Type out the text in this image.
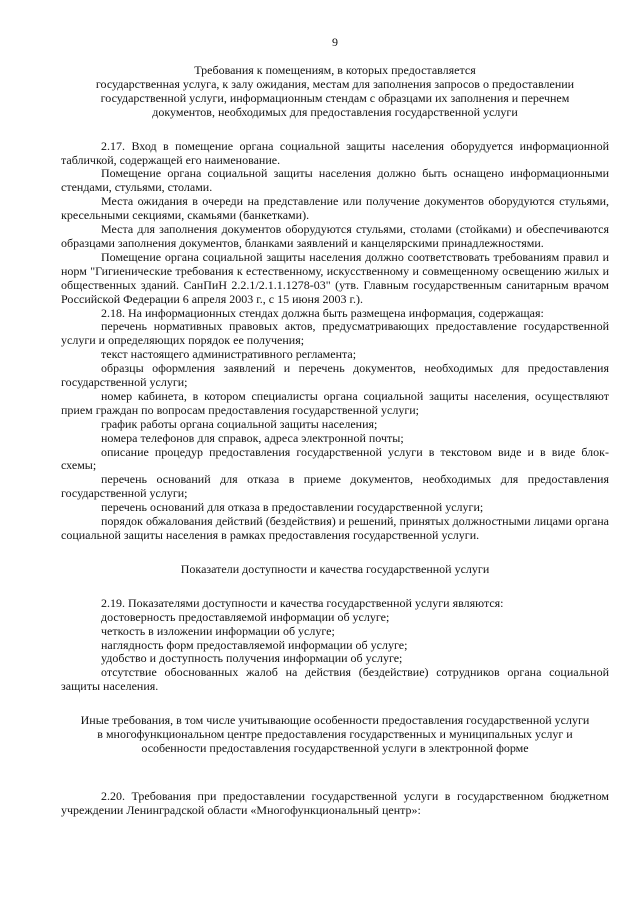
9
Требования к помещениям, в которых предоставляется
государственная услуга, к залу ожидания, местам для заполнения запросов о предоставлении
государственной услуги, информационным стендам с образцами их заполнения и перечнем
документов, необходимых для предоставления государственной услуги

2.17. Вход в помещение органа социальной защиты населения оборудуется информационной табличкой, содержащей его наименование.

Помещение органа социальной защиты населения должно быть оснащено информационными стендами, стульями, столами.

Места ожидания в очереди на представление или получение документов оборудуются стульями, кресельными секциями, скамьями (банкетками).

Места для заполнения документов оборудуются стульями, столами (стойками) и обеспечиваются образцами заполнения документов, бланками заявлений и канцелярскими принадлежностями.

Помещение органа социальной защиты населения должно соответствовать требованиям правил и норм "Гигиенические требования к естественному, искусственному и совмещенному освещению жилых и общественных зданий. СанПиН 2.2.1/2.1.1.1278-03" (утв. Главным государственным санитарным врачом Российской Федерации 6 апреля 2003 г., с 15 июня 2003 г.).

2.18. На информационных стендах должна быть размещена информация, содержащая:

перечень нормативных правовых актов, предусматривающих предоставление государственной услуги и определяющих порядок ее получения;

текст настоящего административного регламента;

образцы оформления заявлений и перечень документов, необходимых для предоставления государственной услуги;

номер кабинета, в котором специалисты органа социальной защиты населения, осуществляют прием граждан по вопросам предоставления государственной услуги;

график работы органа социальной защиты населения;

номера телефонов для справок, адреса электронной почты;

описание процедур предоставления государственной услуги в текстовом виде и в виде блок-схемы;

перечень оснований для отказа в приеме документов, необходимых для предоставления государственной услуги;

перечень оснований для отказа в предоставлении государственной услуги;

порядок обжалования действий (бездействия) и решений, принятых должностными лицами органа социальной защиты населения в рамках предоставления государственной услуги.

Показатели доступности и качества государственной услуги

2.19. Показателями доступности и качества государственной услуги являются:

достоверность предоставляемой информации об услуге;

четкость в изложении информации об услуге;

наглядность форм предоставляемой информации об услуге;

удобство и доступность получения информации об услуге;

отсутствие обоснованных жалоб на действия (бездействие) сотрудников органа социальной защиты населения.

Иные требования, в том числе учитывающие особенности предоставления государственной услуги
в многофункциональном центре предоставления государственных и муниципальных услуг и
особенности предоставления государственной услуги в электронной форме

2.20. Требования при предоставлении государственной услуги в государственном бюджетном учреждении Ленинградской области «Многофункциональный центр»:
